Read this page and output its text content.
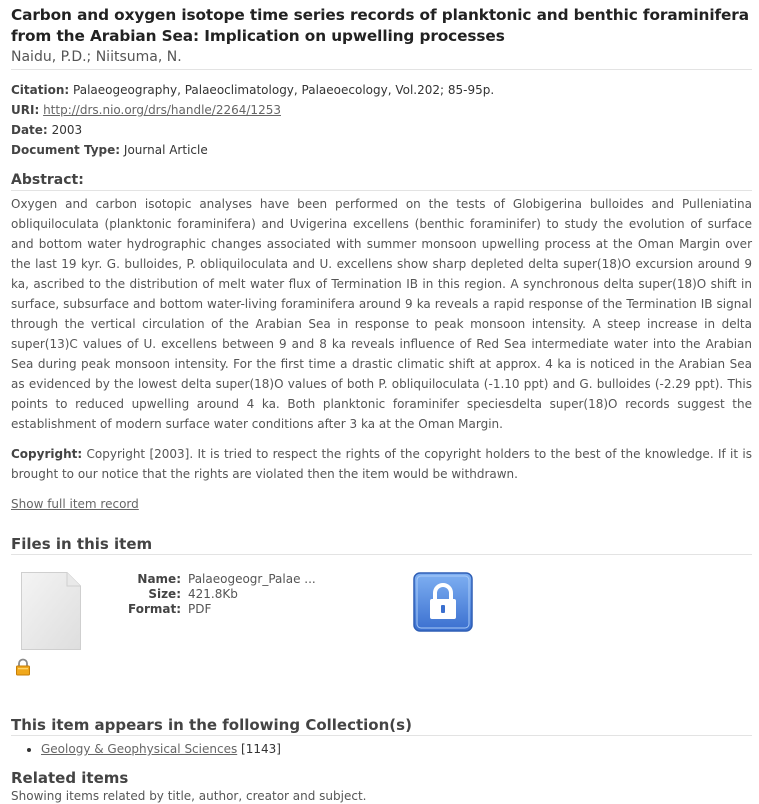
Carbon and oxygen isotope time series records of planktonic and benthic foraminifera from the Arabian Sea: Implication on upwelling processes
Naidu, P.D.; Niitsuma, N.
Citation: Palaeogeography, Palaeoclimatology, Palaeoecology, Vol.202; 85-95p.
URI: http://drs.nio.org/drs/handle/2264/1253
Date: 2003
Document Type: Journal Article
Abstract:
Oxygen and carbon isotopic analyses have been performed on the tests of Globigerina bulloides and Pulleniatina obliquiloculata (planktonic foraminifera) and Uvigerina excellens (benthic foraminifer) to study the evolution of surface and bottom water hydrographic changes associated with summer monsoon upwelling process at the Oman Margin over the last 19 kyr. G. bulloides, P. obliquiloculata and U. excellens show sharp depleted delta super(18)O excursion around 9 ka, ascribed to the distribution of melt water flux of Termination IB in this region. A synchronous delta super(18)O shift in surface, subsurface and bottom water-living foraminifera around 9 ka reveals a rapid response of the Termination IB signal through the vertical circulation of the Arabian Sea in response to peak monsoon intensity. A steep increase in delta super(13)C values of U. excellens between 9 and 8 ka reveals influence of Red Sea intermediate water into the Arabian Sea during peak monsoon intensity. For the first time a drastic climatic shift at approx. 4 ka is noticed in the Arabian Sea as evidenced by the lowest delta super(18)O values of both P. obliquiloculata (-1.10 ppt) and G. bulloides (-2.29 ppt). This points to reduced upwelling around 4 ka. Both planktonic foraminifer speciesdelta super(18)O records suggest the establishment of modern surface water conditions after 3 ka at the Oman Margin.
Copyright: Copyright [2003]. It is tried to respect the rights of the copyright holders to the best of the knowledge. If it is brought to our notice that the rights are violated then the item would be withdrawn.
Show full item record
Files in this item
Name: Palaeogeogr_Palae ...
Size: 421.8Kb
Format: PDF
This item appears in the following Collection(s)
• Geology & Geophysical Sciences [1143]
Related items
Showing items related by title, author, creator and subject.
